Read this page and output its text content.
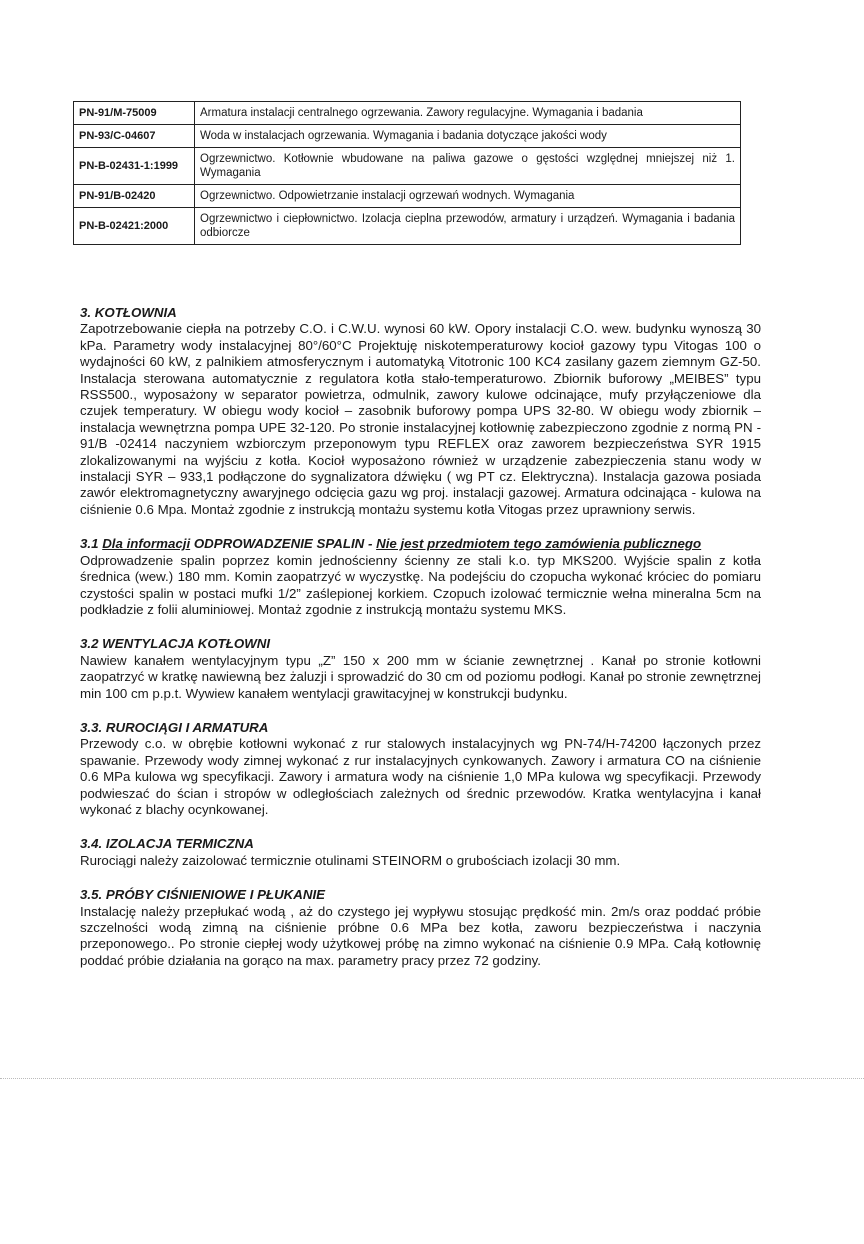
PN-91/M-75009	Armatura instalacji centralnego ogrzewania. Zawory regulacyjne. Wymagania i badania
PN-93/C-04607	Woda w instalacjach ogrzewania. Wymagania i badania dotyczące jakości wody
PN-B-02431-1:1999	Ogrzewnictwo. Kotłownie wbudowane na paliwa gazowe o gęstości względnej mniejszej niż 1. Wymagania
PN-91/B-02420	Ogrzewnictwo. Odpowietrzanie instalacji ogrzewań wodnych. Wymagania
PN-B-02421:2000	Ogrzewnictwo i ciepłownictwo. Izolacja cieplna przewodów, armatury i urządzeń. Wymagania i badania odbiorcze
3. KOTŁOWNIA

Zapotrzebowanie ciepła na potrzeby C.O. i C.W.U. wynosi 60 kW. Opory instalacji C.O. wew. budynku wynoszą 30 kPa. Parametry wody instalacyjnej 80°/60°C Projektuję niskotemperaturowy kocioł gazowy typu Vitogas 100 o wydajności 60 kW, z palnikiem atmosferycznym i automatyką Vitotronic 100 KC4 zasilany gazem ziemnym GZ-50. Instalacja sterowana automatycznie z regulatora kotła stało-temperaturowo. Zbiornik buforowy „MEIBES” typu RSS500., wyposażony w separator powietrza, odmulnik, zawory kulowe odcinające, mufy przyłączeniowe dla czujek temperatury. W obiegu wody kocioł – zasobnik buforowy pompa UPS 32-80. W obiegu wody zbiornik – instalacja wewnętrzna pompa UPE 32-120. Po stronie instalacyjnej kotłownię zabezpieczono zgodnie z normą PN - 91/B -02414 naczyniem wzbiorczym przeponowym typu REFLEX oraz zaworem bezpieczeństwa SYR 1915 zlokalizowanymi na wyjściu z kotła. Kocioł wyposażono również w urządzenie zabezpieczenia stanu wody w instalacji SYR – 933,1 podłączone do sygnalizatora dźwięku ( wg PT cz. Elektryczna). Instalacja gazowa posiada zawór elektromagnetyczny awaryjnego odcięcia gazu wg proj. instalacji gazowej. Armatura odcinająca - kulowa na ciśnienie 0.6 Mpa. Montaż zgodnie z instrukcją montażu systemu kotła Vitogas przez uprawniony serwis.

3.1 Dla informacji ODPROWADZENIE SPALIN - Nie jest przedmiotem tego zamówienia publicznego

Odprowadzenie spalin poprzez komin jednościenny ścienny ze stali k.o. typ MKS200. Wyjście spalin z kotła średnica (wew.) 180 mm. Komin zaopatrzyć w wyczystkę. Na podejściu do czopucha wykonać króciec do pomiaru czystości spalin w postaci mufki 1/2” zaślepionej korkiem. Czopuch izolować termicznie wełna mineralna 5cm na podkładzie z folii aluminiowej. Montaż zgodnie z instrukcją montażu systemu MKS.

3.2 WENTYLACJA KOTŁOWNI

Nawiew kanałem wentylacyjnym typu „Z” 150 x 200 mm w ścianie zewnętrznej . Kanał po stronie kotłowni zaopatrzyć w kratkę nawiewną bez żaluzji i sprowadzić do 30 cm od poziomu podłogi. Kanał po stronie zewnętrznej min 100 cm p.p.t. Wywiew kanałem wentylacji grawitacyjnej w konstrukcji budynku.

3.3. RUROCIĄGI I ARMATURA

Przewody c.o. w obrębie kotłowni wykonać z rur stalowych instalacyjnych wg PN-74/H-74200 łączonych przez spawanie. Przewody wody zimnej wykonać z rur instalacyjnych cynkowanych. Zawory i armatura CO na ciśnienie 0.6 MPa kulowa wg specyfikacji. Zawory i armatura wody na ciśnienie 1,0 MPa kulowa wg specyfikacji. Przewody podwieszać do ścian i stropów w odległościach zależnych od średnic przewodów. Kratka wentylacyjna i kanał wykonać z blachy ocynkowanej.

3.4. IZOLACJA TERMICZNA

Rurociągi należy zaizolować termicznie otulinami STEINORM o grubościach izolacji 30 mm.

3.5. PRÓBY CIŚNIENIOWE I PŁUKANIE

Instalację należy przepłukać wodą , aż do czystego jej wypływu stosując prędkość min. 2m/s oraz poddać próbie szczelności wodą zimną na ciśnienie próbne 0.6 MPa bez kotła, zaworu bezpieczeństwa i naczynia przeponowego.. Po stronie ciepłej wody użytkowej próbę na zimno wykonać na ciśnienie 0.9 MPa. Całą kotłownię poddać próbie działania na gorąco na max. parametry pracy przez 72 godziny.
